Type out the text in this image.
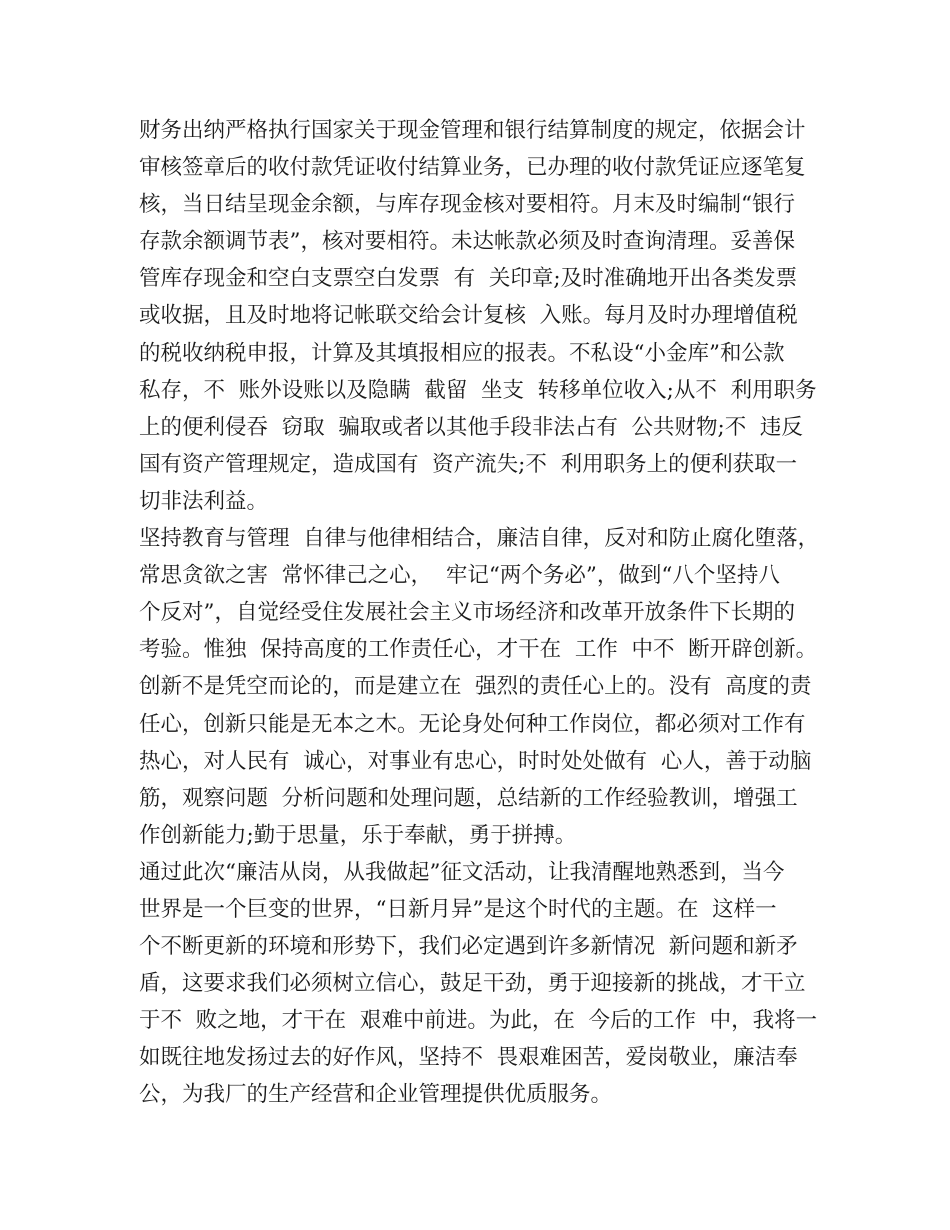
财务出纳严格执行国家关于现金管理和银行结算制度的规定，依据会计
审核签章后的收付款凭证收付结算业务，已办理的收付款凭证应逐笔复
核，当日结呈现金余额，与库存现金核对要相符。月末及时编制“银行
存款余额调节表”，核对要相符。未达帐款必须及时查询清理。妥善保
管库存现金和空白支票空白发票  有  关印章;及时准确地开出各类发票
或收据，且及时地将记帐联交给会计复核  入账。每月及时办理增值税
的税收纳税申报，计算及其填报相应的报表。不私设“小金库”和公款
私存，不  账外设账以及隐瞒  截留  坐支  转移单位收入;从不  利用职务
上的便利侵吞  窃取  骗取或者以其他手段非法占有  公共财物;不  违反
国有资产管理规定，造成国有  资产流失;不  利用职务上的便利获取一
切非法利益。
坚持教育与管理  自律与他律相结合，廉洁自律，反对和防止腐化堕落，
常思贪欲之害  常怀律己之心，  牢记“两个务必”，做到“八个坚持八
个反对”，自觉经受住发展社会主义市场经济和改革开放条件下长期的
考验。惟独  保持高度的工作责任心，才干在  工作  中不  断开辟创新。
创新不是凭空而论的，而是建立在  强烈的责任心上的。没有  高度的责
任心，创新只能是无本之木。无论身处何种工作岗位，都必须对工作有
热心，对人民有  诚心，对事业有忠心，时时处处做有  心人，善于动脑
筋，观察问题  分析问题和处理问题，总结新的工作经验教训，增强工
作创新能力;勤于思量，乐于奉献，勇于拼搏。
通过此次“廉洁从岗，从我做起”征文活动，让我清醒地熟悉到，当今
世界是一个巨变的世界，“日新月异”是这个时代的主题。在  这样一
个不断更新的环境和形势下，我们必定遇到许多新情况  新问题和新矛
盾，这要求我们必须树立信心，鼓足干劲，勇于迎接新的挑战，才干立
于不  败之地，才干在  艰难中前进。为此，在  今后的工作  中，我将一
如既往地发扬过去的好作风，坚持不  畏艰难困苦，爱岗敬业，廉洁奉
公，为我厂的生产经营和企业管理提供优质服务。
